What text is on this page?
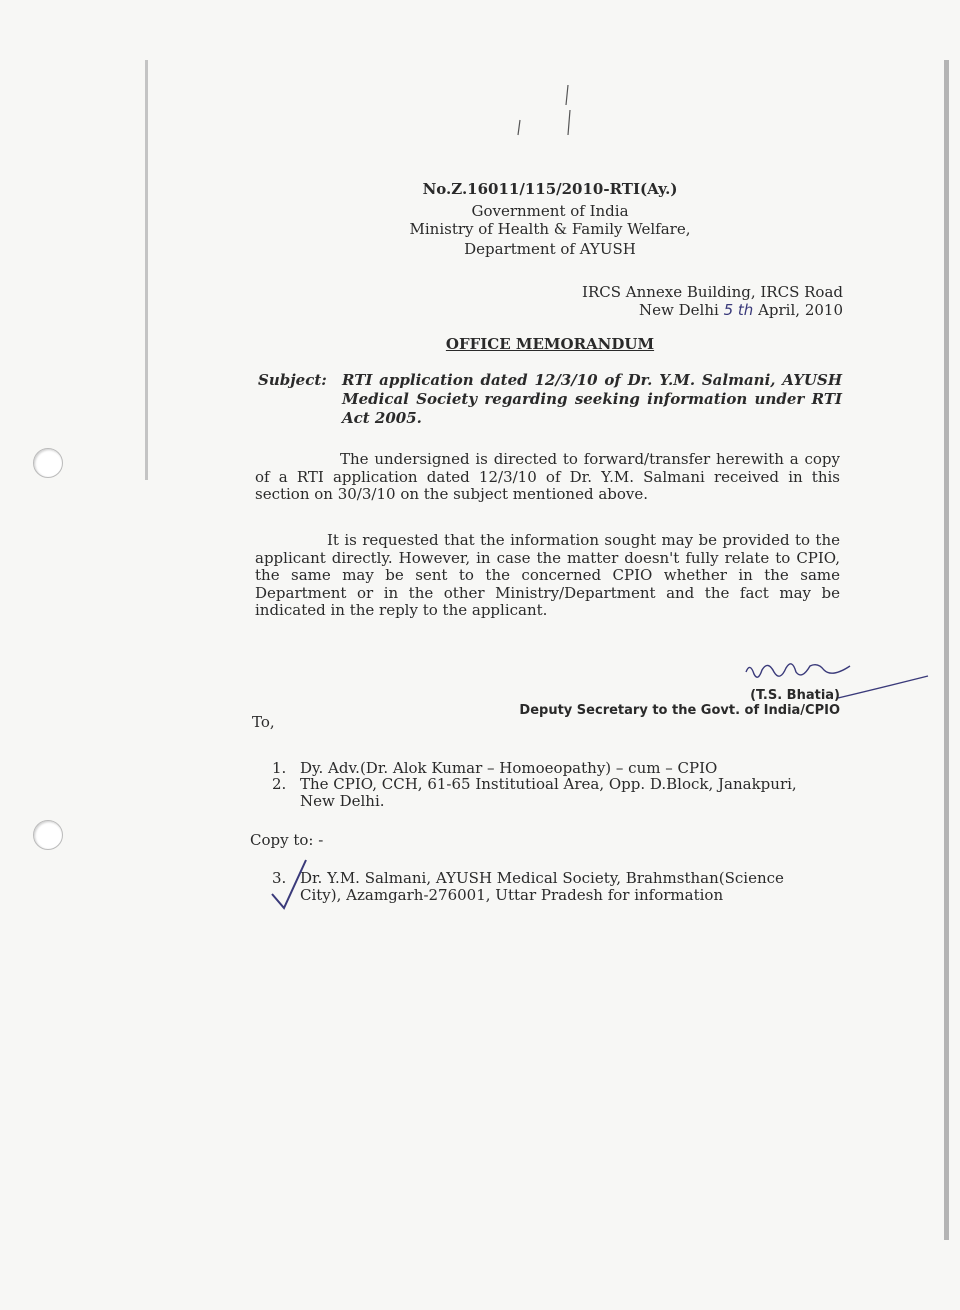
No.Z.16011/115/2010-RTI(Ay.)
Government of India
Ministry of Health & Family Welfare,
Department of AYUSH
IRCS Annexe Building, IRCS Road
New Delhi 5 th April, 2010
OFFICE MEMORANDUM
Subject: RTI application dated 12/3/10 of Dr. Y.M. Salmani, AYUSH Medical Society regarding seeking information under RTI Act 2005.
The undersigned is directed to forward/transfer herewith a copy of a RTI application dated 12/3/10 of Dr. Y.M. Salmani received in this section on 30/3/10 on the subject mentioned above.
It is requested that the information sought may be provided to the applicant directly. However, in case the matter doesn't fully relate to CPIO, the same may be sent to the concerned CPIO whether in the same Department or in the other Ministry/Department and the fact may be indicated in the reply to the applicant.
(T.S. Bhatia)
Deputy Secretary to the Govt. of India/CPIO
To,
1. Dy. Adv.(Dr. Alok Kumar – Homoeopathy) – cum – CPIO
2. The CPIO, CCH, 61-65 Institutioal Area, Opp. D.Block, Janakpuri,
New Delhi.
Copy to: -
3. Dr. Y.M. Salmani, AYUSH Medical Society, Brahmsthan(Science
City), Azamgarh-276001, Uttar Pradesh for information
